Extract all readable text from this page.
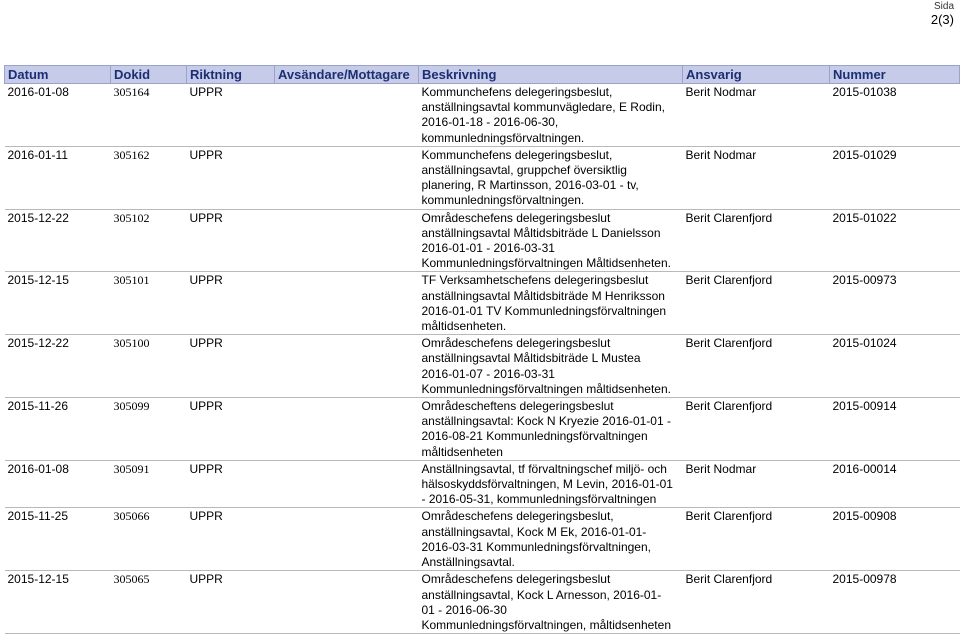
Sida
2(3)
Datum	Dokid	Riktning	Avsändare/Mottagare	Beskrivning	Ansvarig	Nummer
2016-01-08	305164	UPPR		Kommunchefens delegeringsbeslut,
anställningsavtal kommunvägledare, E Rodin,
2016-01-18 - 2016-06-30,
kommunledningsförvaltningen.	Berit Nodmar	2015-01038
2016-01-11	305162	UPPR		Kommunchefens delegeringsbeslut,
anställningsavtal, gruppchef översiktlig
planering, R Martinsson, 2016-03-01 - tv,
kommunledningsförvaltningen.	Berit Nodmar	2015-01029
2015-12-22	305102	UPPR		Områdeschefens delegeringsbeslut
anställningsavtal Måltidsbiträde L Danielsson
2016-01-01 - 2016-03-31
Kommunledningsförvaltningen Måltidsenheten.	Berit Clarenfjord	2015-01022
2015-12-15	305101	UPPR		TF Verksamhetschefens delegeringsbeslut
anställningsavtal Måltidsbiträde M Henriksson
2016-01-01 TV Kommunledningsförvaltningen
måltidsenheten.	Berit Clarenfjord	2015-00973
2015-12-22	305100	UPPR		Områdeschefens delegeringsbeslut
anställningsavtal Måltidsbiträde L Mustea
2016-01-07 - 2016-03-31
Kommunledningsförvaltningen måltidsenheten.	Berit Clarenfjord	2015-01024
2015-11-26	305099	UPPR		Områdescheftens delegeringsbeslut
anställningsavtal: Kock N Kryezie 2016-01-01 -
2016-08-21 Kommunledningsförvaltningen
måltidsenheten	Berit Clarenfjord	2015-00914
2016-01-08	305091	UPPR		Anställningsavtal, tf förvaltningschef miljö- och
hälsoskyddsförvaltningen, M Levin, 2016-01-01
- 2016-05-31, kommunledningsförvaltningen	Berit Nodmar	2016-00014
2015-11-25	305066	UPPR		Områdeschefens delegeringsbeslut,
anställningsavtal, Kock M Ek, 2016-01-01-
2016-03-31 Kommunledningsförvaltningen,
Anställningsavtal.	Berit Clarenfjord	2015-00908
2015-12-15	305065	UPPR		Områdeschefens delegeringsbeslut
anställningsavtal, Kock L Arnesson, 2016-01-
01 - 2016-06-30
Kommunledningsförvaltningen, måltidsenheten	Berit Clarenfjord	2015-00978
